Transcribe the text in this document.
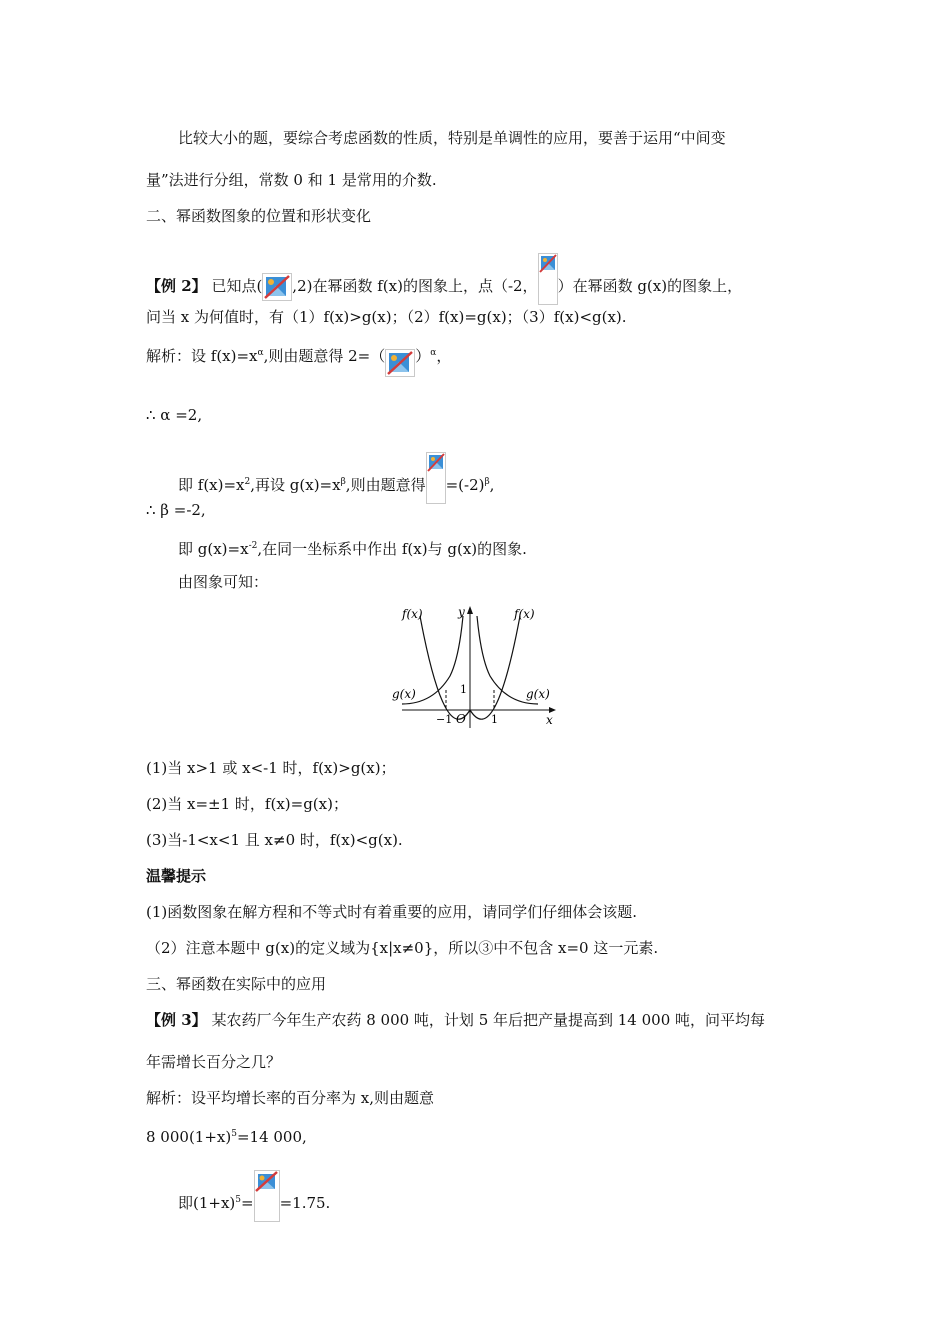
比较大小的题，要综合考虑函数的性质，特别是单调性的应用，要善于运用“中间变
量”法进行分组，常数 0 和 1 是常用的介数.
二、幂函数图象的位置和形状变化
【例 2】 已知点( ,2)在幂函数 f(x)的图象上，点（-2， ）在幂函数 g(x)的图象上，
问当 x 为何值时，有（1）f(x)>g(x)；（2）f(x)=g(x)；（3）f(x)<g(x).
解析：设 $f(x)=x^\alpha$,则由题意得 2=（ ）$^\alpha$，
∴ α =2,
即 $f(x)=x^2$,再设 $g(x)=x^\beta$,则由题意得 $=(-2)^\beta$,
∴ β =-2,
即 $g(x)=x^{-2}$,在同一坐标系中作出 f(x)与 g(x)的图象.
由图象可知：
f(x)	f(x)
g(x)	g(x)
y
x
−1 O 1
1
(1)当 x>1 或 x<-1 时，f(x)>g(x)；
(2)当 x=±1 时，f(x)=g(x)；
(3)当-1<x<1 且 x≠0 时，f(x)<g(x).
温馨提示
(1)函数图象在解方程和不等式时有着重要的应用，请同学们仔细体会该题.
（2）注意本题中 g(x)的定义域为{x|x≠0}，所以③中不包含 x=0 这一元素.
三、幂函数在实际中的应用
【例 3】 某农药厂今年生产农药 8 000 吨，计划 5 年后把产量提高到 14 000 吨，问平均每
年需增长百分之几？
解析：设平均增长率的百分率为 x,则由题意
8 $000(1+x)^5=14$ 000,
即$(1+x)^5= =1.75$.
